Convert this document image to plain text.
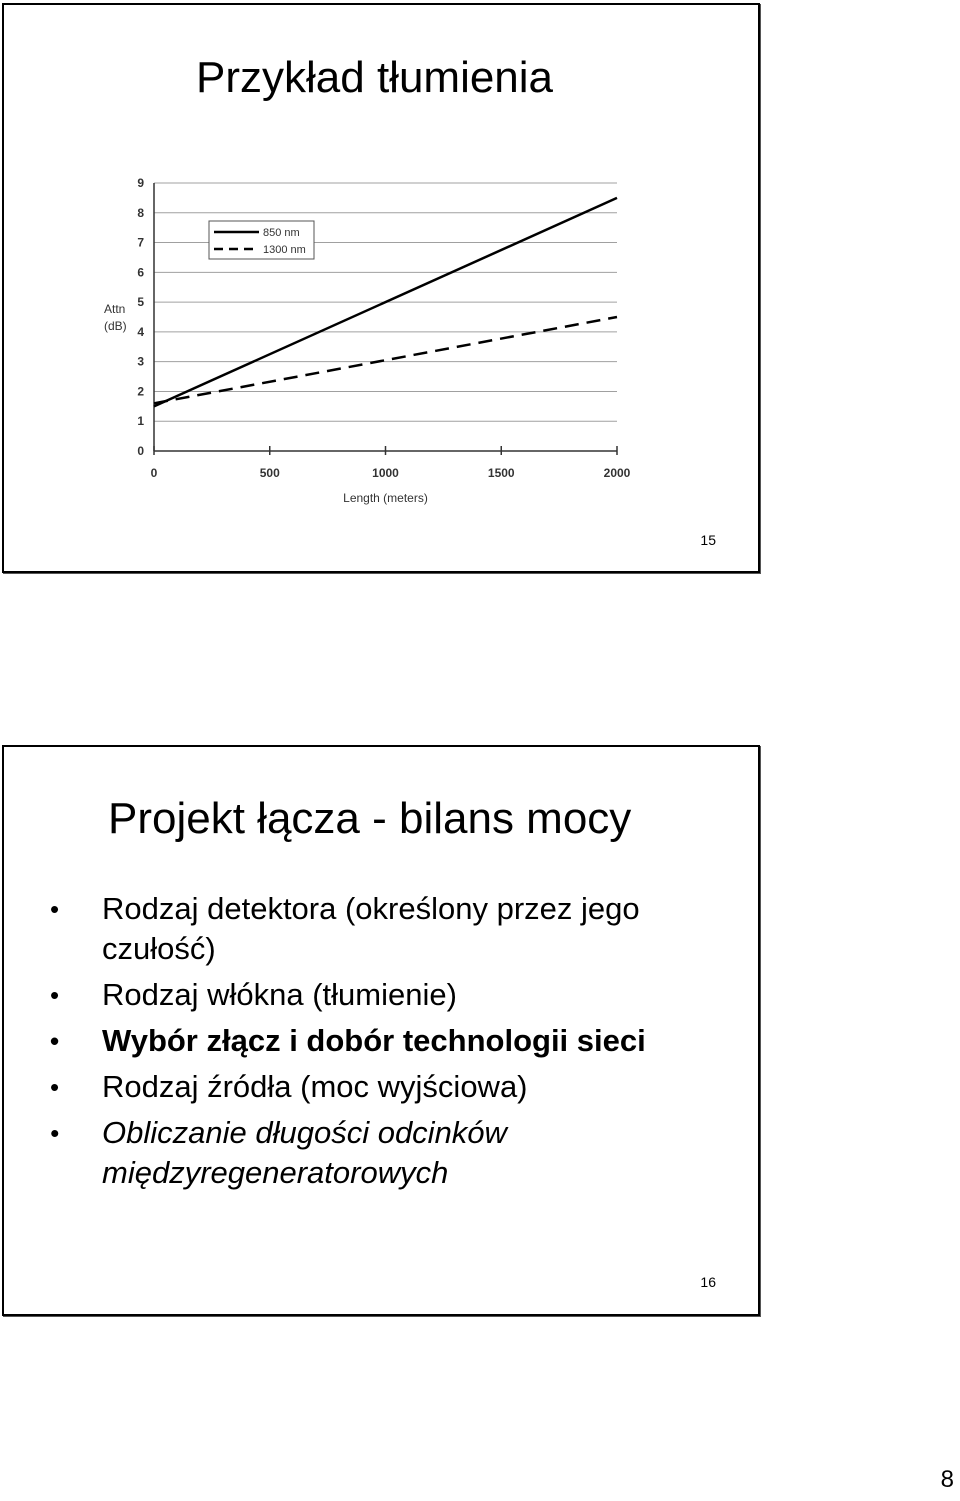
Przykład tłumienia
0
1
2
3
4
5
6
7
8
9
0	500	1000	1500	2000
Length (meters)
Attn
(dB)
850 nm
1300 nm
15
Projekt łącza - bilans mocy
• Rodzaj detektora (określony przez jego czułość)
• Rodzaj włókna (tłumienie)
• Wybór złącz i dobór technologii sieci
• Rodzaj źródła (moc wyjściowa)
• Obliczanie długości odcinków międzyregeneratorowych
16
8
